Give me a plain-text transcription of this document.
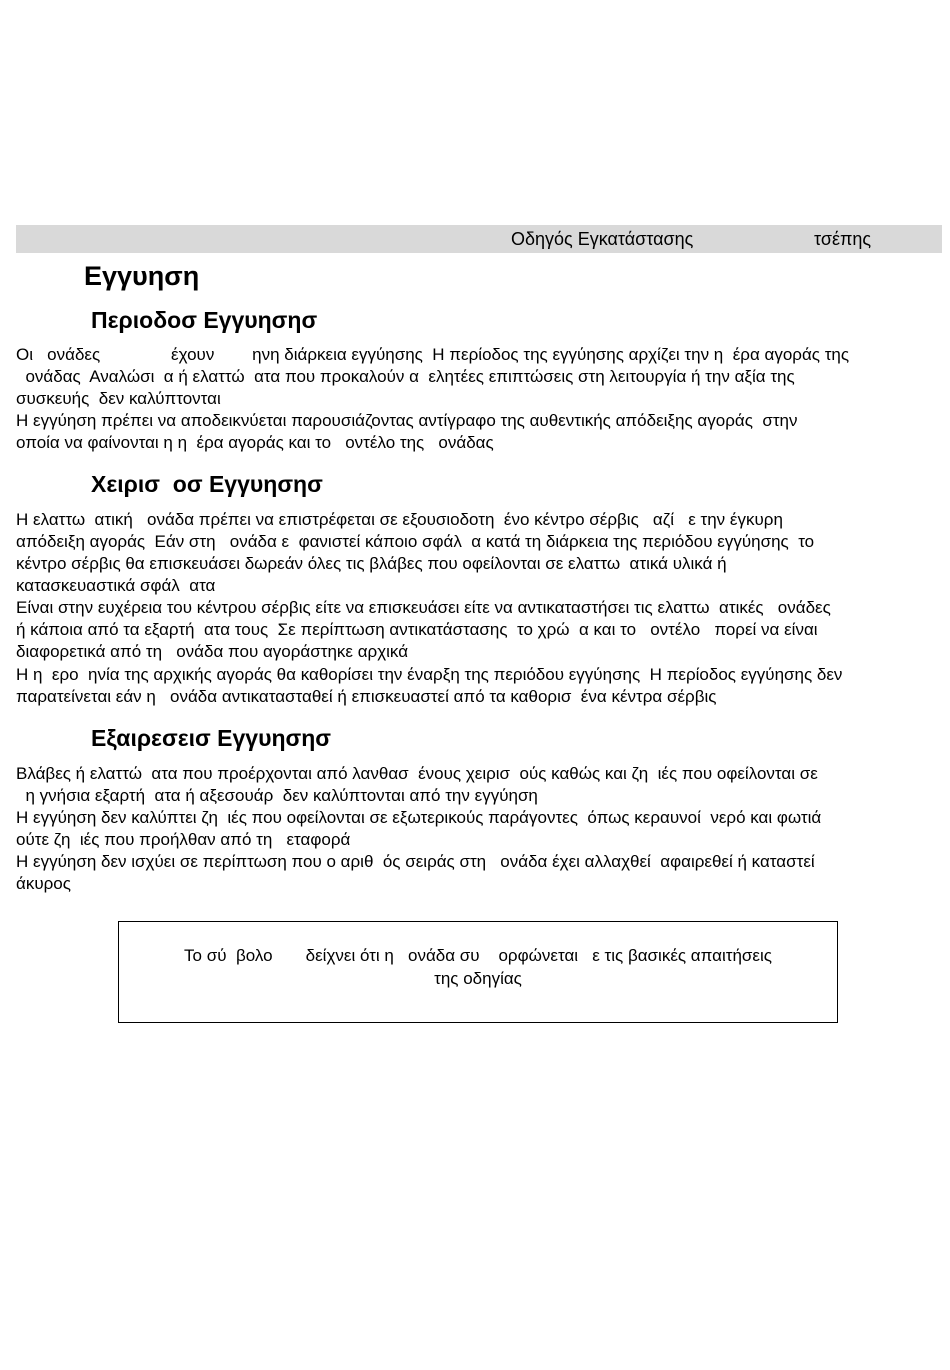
Οδηγός Εγκατάστασης	τσέπης
Εγγυηση
Περιοδοσ Εγγυησησ

Οι   ονάδες               έχουν        ηνη διάρκεια εγγύησης  Η περίοδος της εγγύησης αρχίζει την η  έρα αγοράς της
ονάδας  Αναλώσι  α ή ελαττώ  ατα που προκαλούν α  ελητέες επιπτώσεις στη λειτουργία ή την αξία της
συσκευής  δεν καλύπτονται

Η εγγύηση πρέπει να αποδεικνύεται παρουσιάζοντας αντίγραφο της αυθεντικής απόδειξης αγοράς  στην
οποία να φαίνονται η η  έρα αγοράς και το   οντέλο της   ονάδας

Χειρισ  οσ Εγγυησησ

Η ελαττω  ατική   ονάδα πρέπει να επιστρέφεται σε εξουσιοδοτη  ένο κέντρο σέρβις   αζί   ε την έγκυρη
απόδειξη αγοράς  Εάν στη   ονάδα ε  φανιστεί κάποιο σφάλ  α κατά τη διάρκεια της περιόδου εγγύησης  το
κέντρο σέρβις θα επισκευάσει δωρεάν όλες τις βλάβες που οφείλονται σε ελαττω  ατικά υλικά ή
κατασκευαστικά σφάλ  ατα

Είναι στην ευχέρεια του κέντρου σέρβις είτε να επισκευάσει είτε να αντικαταστήσει τις ελαττω  ατικές   ονάδες
ή κάποια από τα εξαρτή  ατα τους  Σε περίπτωση αντικατάστασης  το χρώ  α και το   οντέλο   πορεί να είναι
διαφορετικά από τη   ονάδα που αγοράστηκε αρχικά

Η η  ερο  ηνία της αρχικής αγοράς θα καθορίσει την έναρξη της περιόδου εγγύησης  Η περίοδος εγγύησης δεν
παρατείνεται εάν η   ονάδα αντικατασταθεί ή επισκευαστεί από τα καθορισ  ένα κέντρα σέρβις

Εξαιρεσεισ Εγγυησησ

Βλάβες ή ελαττώ  ατα που προέρχονται από λανθασ  ένους χειρισ  ούς καθώς και ζη  ιές που οφείλονται σε
η γνήσια εξαρτή  ατα ή αξεσουάρ  δεν καλύπτονται από την εγγύηση

Η εγγύηση δεν καλύπτει ζη  ιές που οφείλονται σε εξωτερικούς παράγοντες  όπως κεραυνοί  νερό και φωτιά
ούτε ζη  ιές που προήλθαν από τη   εταφορά

Η εγγύηση δεν ισχύει σε περίπτωση που ο αριθ  ός σειράς στη   ονάδα έχει αλλαχθεί  αφαιρεθεί ή καταστεί
άκυρος

Το σύ  βολο       δείχνει ότι η   ονάδα συ    ορφώνεται   ε τις βασικές απαιτήσεις
της οδηγίας
